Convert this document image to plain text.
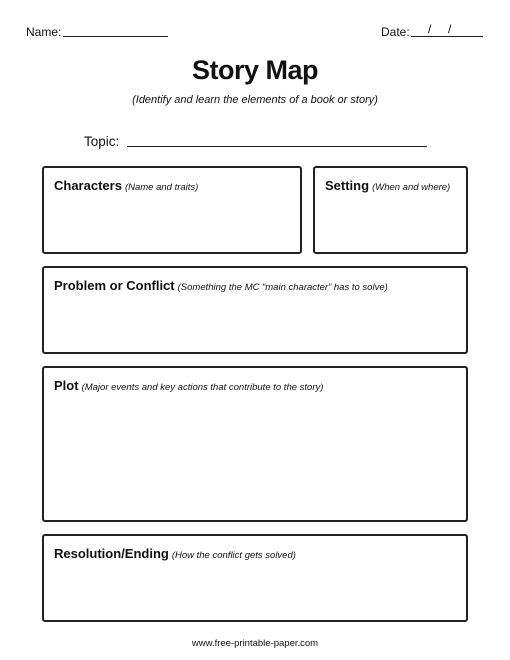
Name:	Date: / /
Story Map
(Identify and learn the elements of a book or story)
Topic:
Characters (Name and traits)	Setting (When and where)
Problem or Conflict (Something the MC “main character” has to solve)
Plot (Major events and key actions that contribute to the story)
Resolution/Ending (How the conflict gets solved)
www.free-printable-paper.com
